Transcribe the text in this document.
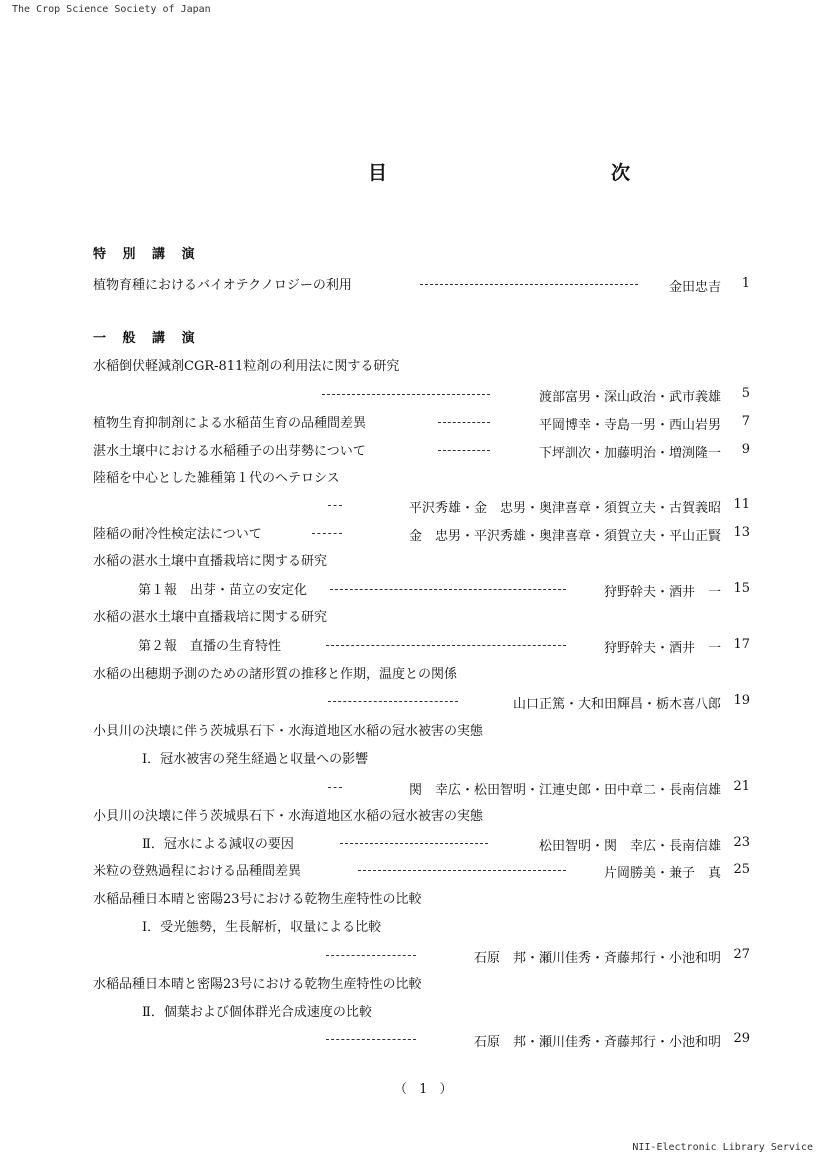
The Crop Science Society of Japan
目　　次
特 別 講 演
植物育種におけるバイオテクノロジーの利用	金田忠吉	1
一 般 講 演
水稲倒伏軽減剤CGR-811粒剤の利用法に関する研究
渡部富男・深山政治・武市義雄	5
植物生育抑制剤による水稲苗生育の品種間差異	平岡博幸・寺島一男・西山岩男	7
湛水土壌中における水稲種子の出芽勢について	下坪訓次・加藤明治・増渕隆一	9
陸稲を中心とした雑種第１代のヘテロシス
平沢秀雄・金　忠男・奥津喜章・須賀立夫・古賀義昭 11
陸稲の耐冷性検定法について	金　忠男・平沢秀雄・奥津喜章・須賀立夫・平山正賢 13
水稲の湛水土壌中直播栽培に関する研究
第１報　出芽・苗立の安定化	狩野幹夫・酒井　一 15
水稲の湛水土壌中直播栽培に関する研究
第２報　直播の生育特性	狩野幹夫・酒井　一 17
水稲の出穂期予測のための諸形質の推移と作期，温度との関係
山口正篤・大和田輝昌・栃木喜八郎 19
小貝川の決壊に伴う茨城県石下・水海道地区水稲の冠水被害の実態
Ⅰ．冠水被害の発生経過と収量への影響
関　幸広・松田智明・江連史郎・田中章二・長南信雄 21
小貝川の決壊に伴う茨城県石下・水海道地区水稲の冠水被害の実態
Ⅱ．冠水による減収の要因	松田智明・関　幸広・長南信雄 23
米粒の登熟過程における品種間差異	片岡勝美・兼子　真 25
水稲品種日本晴と密陽23号における乾物生産特性の比較
Ⅰ．受光態勢，生長解析，収量による比較
石原　邦・瀬川佳秀・斉藤邦行・小池和明 27
水稲品種日本晴と密陽23号における乾物生産特性の比較
Ⅱ．個葉および個体群光合成速度の比較
石原　邦・瀬川佳秀・斉藤邦行・小池和明 29
（ 1 ）
NII-Electronic Library Service
